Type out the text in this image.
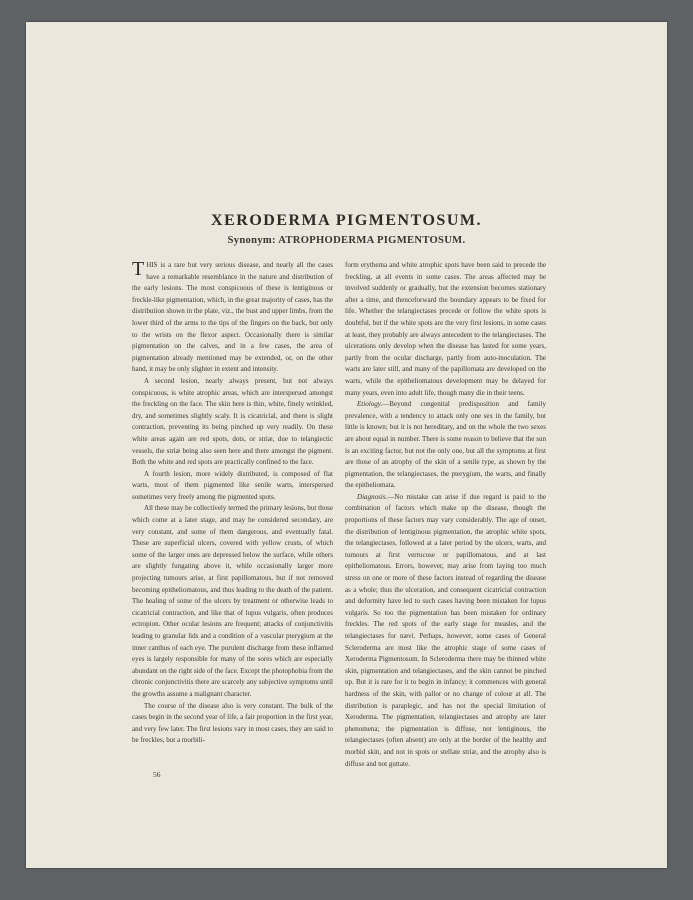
XERODERMA PIGMENTOSUM.
Synonym: ATROPHODERMA PIGMENTOSUM.

THIS is a rare but very serious disease, and nearly all the cases have a remarkable resemblance in the nature and distribution of the early lesions. The most conspicuous of these is lentiginous or freckle-like pigmentation, which, in the great majority of cases, has the distribution shown in the plate, viz., the bust and upper limbs, from the lower third of the arms to the tips of the fingers on the back, but only to the wrists on the flexor aspect. Occasionally there is similar pigmentation on the calves, and in a few cases, the area of pigmentation already mentioned may be extended, or, on the other hand, it may be only slighter in extent and intensity.

A second lesion, nearly always present, but not always conspicuous, is white atrophic areas, which are interspersed amongst the freckling on the face. The skin here is thin, white, finely wrinkled, dry, and sometimes slightly scaly. It is cicatricial, and there is slight contraction, preventing its being pinched up very readily. On these white areas again are red spots, dots, or striæ, due to telangiectic vessels, the striæ being also seen here and there amongst the pigment. Both the white and red spots are practically confined to the face.

A fourth lesion, more widely distributed, is composed of flat warts, most of them pigmented like senile warts, interspersed sometimes very freely among the pigmented spots.

All these may be collectively termed the primary lesions, but those which come at a later stage, and may be considered secondary, are very constant, and some of them dangerous, and eventually fatal. These are superficial ulcers, covered with yellow crusts, of which some of the larger ones are depressed below the surface, while others are slightly fungating above it, while occasionally larger more projecting tumours arise, at first papillomatous, but if not removed becoming epitheliomatous, and thus leading to the death of the patient. The healing of some of the ulcers by treatment or otherwise leads to cicatricial contraction, and like that of lupus vulgaris, often produces ectropion. Other ocular lesions are frequent; attacks of conjunctivitis leading to granular lids and a condition of a vascular pterygium at the inner canthus of each eye. The purulent discharge from these inflamed eyes is largely responsible for many of the sores which are especially abundant on the right side of the face. Except the photophobia from the chronic conjunctivitis there are scarcely any subjective symptoms until the growths assume a malignant character.

The course of the disease also is very constant. The bulk of the cases begin in the second year of life, a fair proportion in the first year, and very few later. The first lesions vary in most cases, they are said to be freckles, but a morbili-

form erythema and white atrophic spots have been said to precede the freckling, at all events in some cases. The areas affected may be involved suddenly or gradually, but the extension becomes stationary after a time, and thenceforward the boundary appears to be fixed for life. Whether the telangiectases precede or follow the white spots is doubtful, but if the white spots are the very first lesions, in some cases at least, they probably are always antecedent to the telangiectases. The ulcerations only develop when the disease has lasted for some years, partly from the ocular discharge, partly from auto-inoculation. The warts are later still, and many of the papillomata are developed on the warts, while the epitheliomatous development may be delayed for many years, even into adult life, though many die in their teens.

Etiology.—Beyond congenital predisposition and family prevalence, with a tendency to attack only one sex in the family, but little is known; but it is not hereditary, and on the whole the two sexes are about equal in number. There is some reason to believe that the sun is an exciting factor, but not the only one, but all the symptoms at first are those of an atrophy of the skin of a senile type, as shown by the pigmentation, the telangiectases, the pterygium, the warts, and finally the epitheliomata.

Diagnosis.—No mistake can arise if due regard is paid to the combination of factors which make up the disease, though the proportions of these factors may vary considerably. The age of onset, the distribution of lentiginous pigmentation, the atrophic white spots, the telangiectases, followed at a later period by the ulcers, warts, and tumours at first verrucose or papillomatous, and at last epitheliomatous. Errors, however, may arise from laying too much stress on one or more of these factors instead of regarding the disease as a whole; thus the ulceration, and consequent cicatricial contraction and deformity have led to such cases having been mistaken for lupus vulgaris. So too the pigmentation has been mistaken for ordinary freckles. The red spots of the early stage for measles, and the telangiectases for nævi. Perhaps, however, some cases of General Scleroderma are most like the atrophic stage of some cases of Xeroderma Pigmentosum. In Scleroderma there may be thinned white skin, pigmentation and telangiectases, and the skin cannot be pinched up. But it is rare for it to begin in infancy; it commences with general hardness of the skin, with pallor or no change of colour at all. The distribution is paraplegic, and has not the special limitation of Xeroderma. The pigmentation, telangiectases and atrophy are later phenomena; the pigmentation is diffuse, not lentiginous, the telangiectases (often absent) are only at the border of the healthy and morbid skin, and not in spots or stellate striæ, and the atrophy also is diffuse and not guttate.

56
